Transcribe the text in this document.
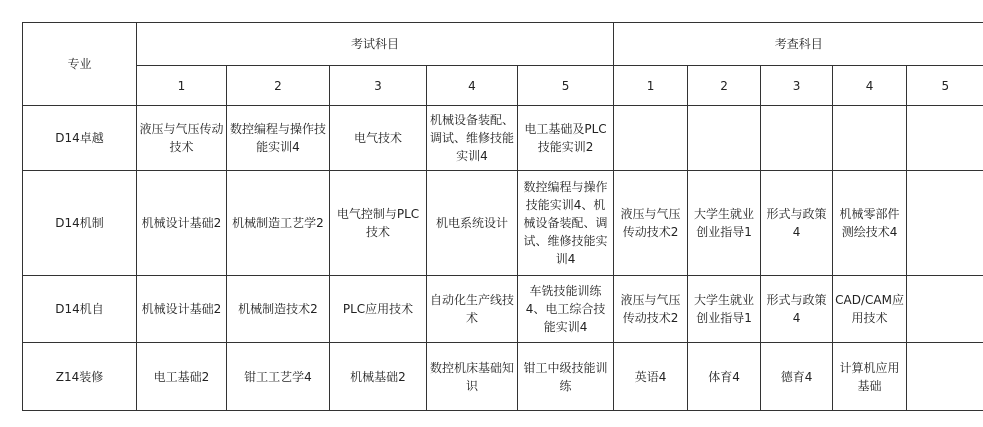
专业	考试科目					考查科目				
	1	2	3	4	5	1	2	3	4	5
D14卓越	液压与气压传动技术	数控编程与操作技能实训4	电气技术	机械设备装配、调试、维修技能实训4	电工基础及PLC技能实训2					
D14机制	机械设计基础2	机械制造工艺学2	电气控制与PLC技术	机电系统设计	数控编程与操作技能实训4、机械设备装配、调试、维修技能实训4	液压与气压传动技术2	大学生就业创业指导1	形式与政策4	机械零部件测绘技术4	
D14机自	机械设计基础2	机械制造技术2	PLC应用技术	自动化生产线技术	车铣技能训练4、电工综合技能实训4	液压与气压传动技术2	大学生就业创业指导1	形式与政策4	CAD/CAM应用技术	
Z14装修	电工基础2	钳工工艺学4	机械基础2	数控机床基础知识	钳工中级技能训练	英语4	体育4	德育4	计算机应用基础	
